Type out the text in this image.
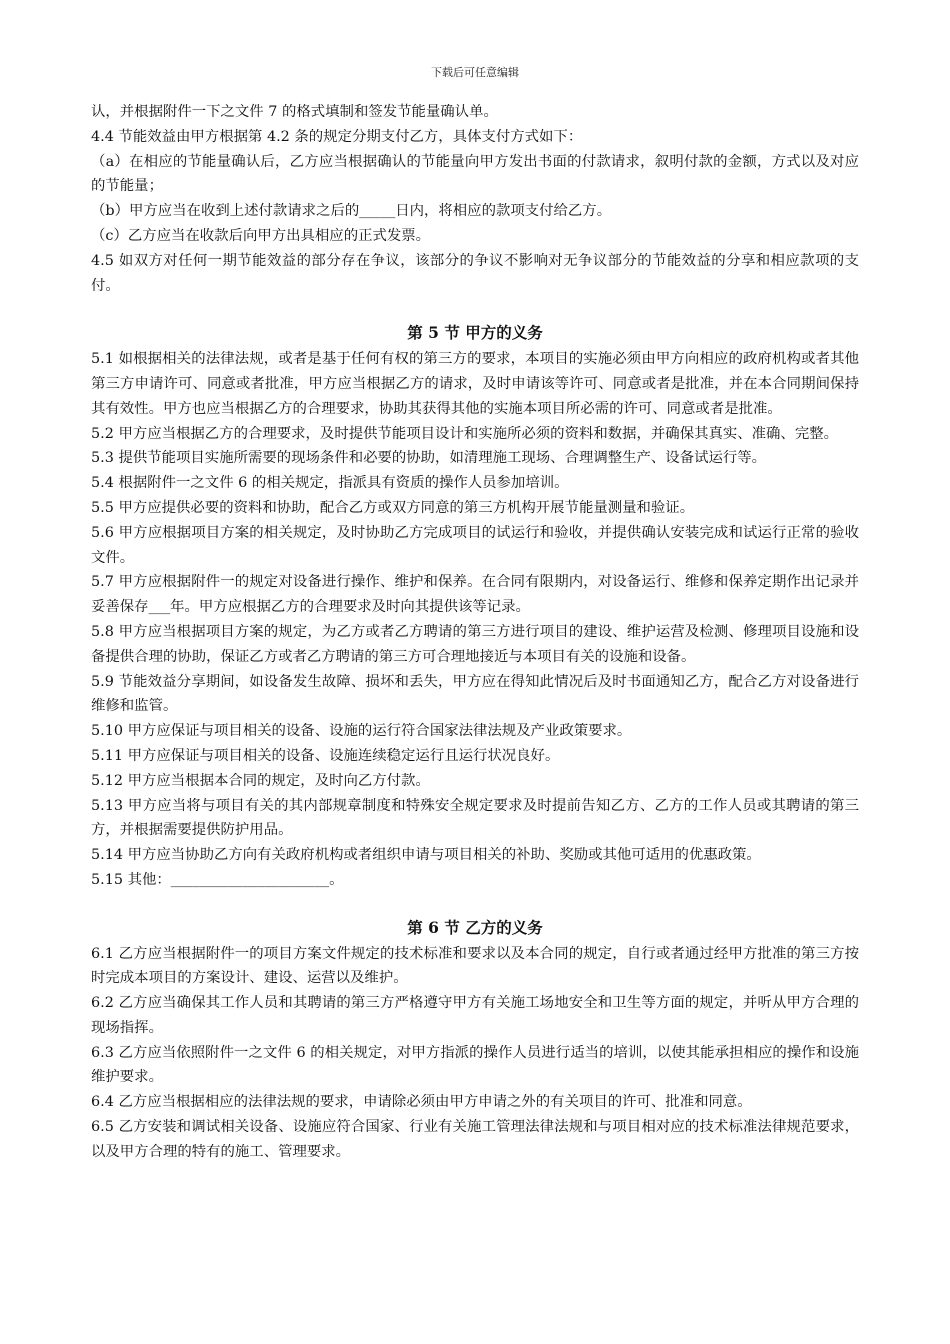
下载后可任意编辑

认，并根据附件一下之文件 7 的格式填制和签发节能量确认单。

4.4 节能效益由甲方根据第 4.2 条的规定分期支付乙方，具体支付方式如下：

（a）在相应的节能量确认后，乙方应当根据确认的节能量向甲方发出书面的付款请求，叙明付款的金额，方式以及对应的节能量；

（b）甲方应当在收到上述付款请求之后的_____日内，将相应的款项支付给乙方。

（c）乙方应当在收款后向甲方出具相应的正式发票。

4.5 如双方对任何一期节能效益的部分存在争议，该部分的争议不影响对无争议部分的节能效益的分享和相应款项的支付。

第 5 节 甲方的义务

5.1 如根据相关的法律法规，或者是基于任何有权的第三方的要求，本项目的实施必须由甲方向相应的政府机构或者其他第三方申请许可、同意或者批准，甲方应当根据乙方的请求，及时申请该等许可、同意或者是批准，并在本合同期间保持其有效性。甲方也应当根据乙方的合理要求，协助其获得其他的实施本项目所必需的许可、同意或者是批准。

5.2 甲方应当根据乙方的合理要求，及时提供节能项目设计和实施所必须的资料和数据，并确保其真实、准确、完整。

5.3 提供节能项目实施所需要的现场条件和必要的协助，如清理施工现场、合理调整生产、设备试运行等。

5.4 根据附件一之文件 6 的相关规定，指派具有资质的操作人员参加培训。

5.5 甲方应提供必要的资料和协助，配合乙方或双方同意的第三方机构开展节能量测量和验证。

5.6 甲方应根据项目方案的相关规定，及时协助乙方完成项目的试运行和验收，并提供确认安装完成和试运行正常的验收文件。

5.7 甲方应根据附件一的规定对设备进行操作、维护和保养。在合同有限期内，对设备运行、维修和保养定期作出记录并妥善保存___年。甲方应根据乙方的合理要求及时向其提供该等记录。

5.8 甲方应当根据项目方案的规定，为乙方或者乙方聘请的第三方进行项目的建设、维护运营及检测、修理项目设施和设备提供合理的协助，保证乙方或者乙方聘请的第三方可合理地接近与本项目有关的设施和设备。

5.9 节能效益分享期间，如设备发生故障、损坏和丢失，甲方应在得知此情况后及时书面通知乙方，配合乙方对设备进行维修和监管。

5.10 甲方应保证与项目相关的设备、设施的运行符合国家法律法规及产业政策要求。

5.11 甲方应保证与项目相关的设备、设施连续稳定运行且运行状况良好。

5.12 甲方应当根据本合同的规定，及时向乙方付款。

5.13 甲方应当将与项目有关的其内部规章制度和特殊安全规定要求及时提前告知乙方、乙方的工作人员或其聘请的第三方，并根据需要提供防护用品。

5.14 甲方应当协助乙方向有关政府机构或者组织申请与项目相关的补助、奖励或其他可适用的优惠政策。

5.15 其他：______________________。

第 6 节 乙方的义务

6.1 乙方应当根据附件一的项目方案文件规定的技术标准和要求以及本合同的规定，自行或者通过经甲方批准的第三方按时完成本项目的方案设计、建设、运营以及维护。

6.2 乙方应当确保其工作人员和其聘请的第三方严格遵守甲方有关施工场地安全和卫生等方面的规定，并听从甲方合理的现场指挥。

6.3 乙方应当依照附件一之文件 6 的相关规定，对甲方指派的操作人员进行适当的培训，以使其能承担相应的操作和设施维护要求。

6.4 乙方应当根据相应的法律法规的要求，申请除必须由甲方申请之外的有关项目的许可、批准和同意。

6.5 乙方安装和调试相关设备、设施应符合国家、行业有关施工管理法律法规和与项目相对应的技术标准法律规范要求，以及甲方合理的特有的施工、管理要求。
